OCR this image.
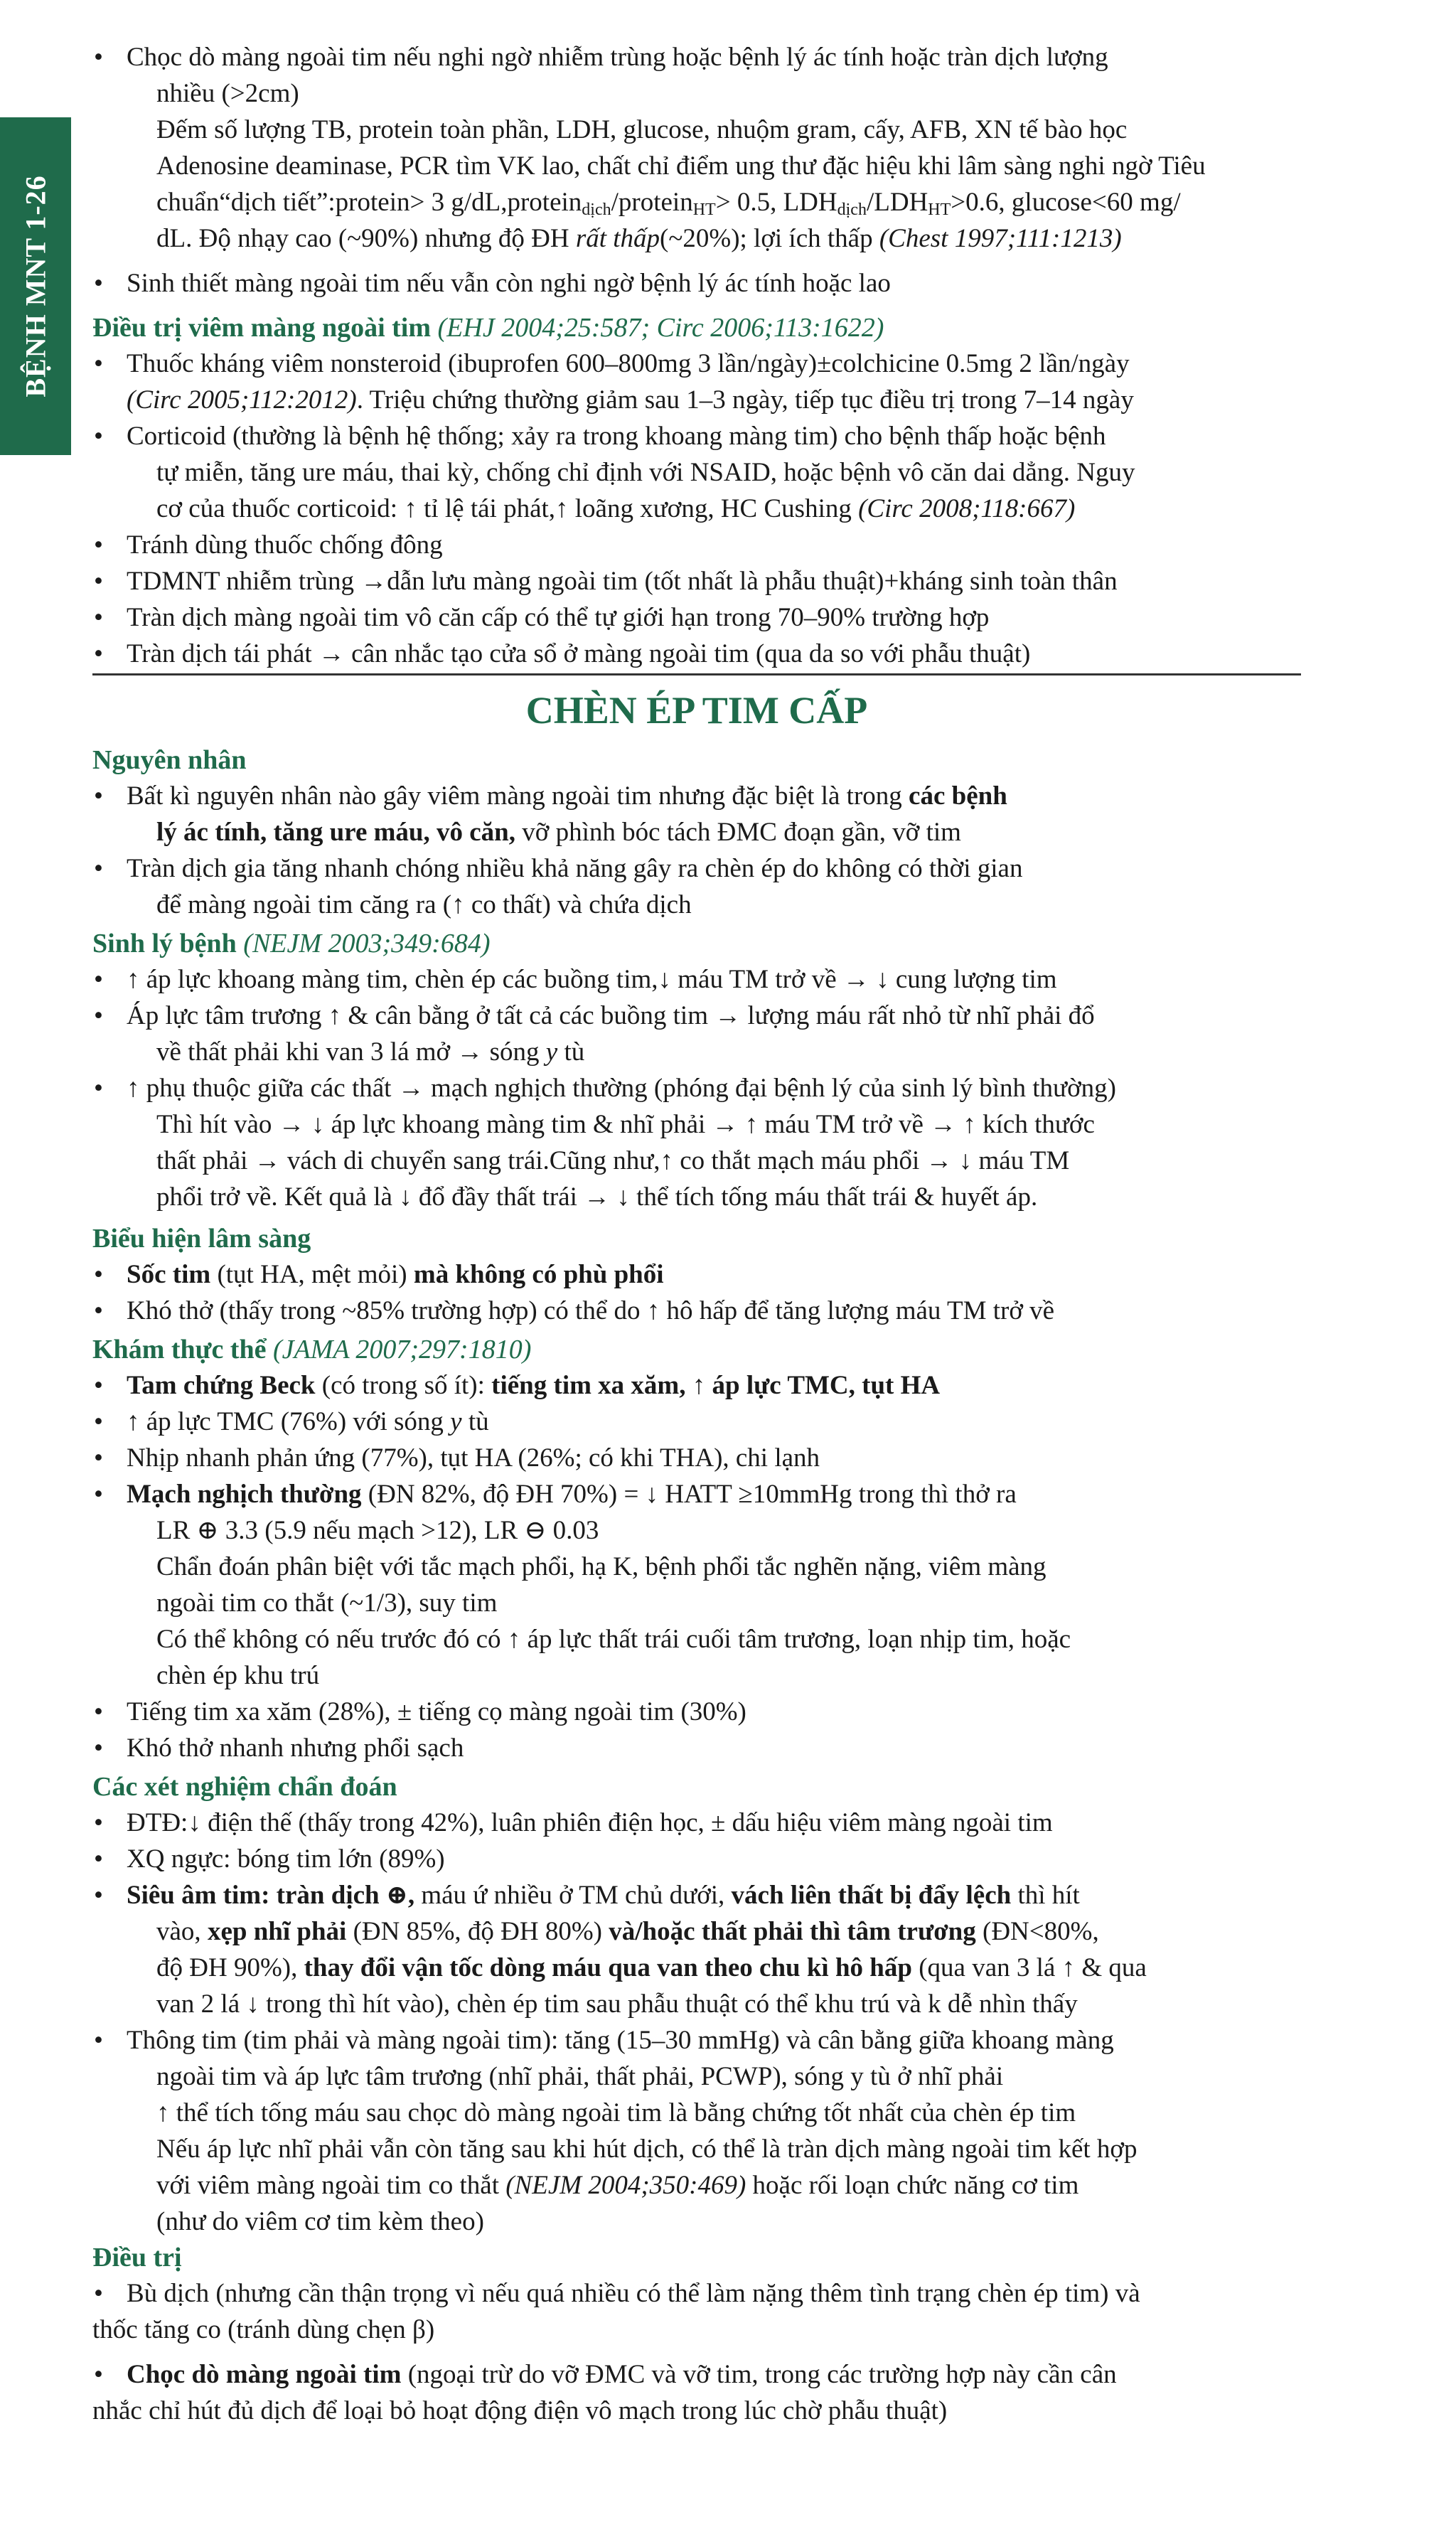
BỆNH MNT 1-26
• Chọc dò màng ngoài tim nếu nghi ngờ nhiễm trùng hoặc bệnh lý ác tính hoặc tràn dịch lượng
nhiều (>2cm)
Đếm số lượng TB, protein toàn phần, LDH, glucose, nhuộm gram, cấy, AFB, XN tế bào học
Adenosine deaminase, PCR tìm VK lao, chất chỉ điểm ung thư đặc hiệu khi lâm sàng nghi ngờ Tiêu
chuẩn“dịch tiết”:protein> 3 g/dL,protein$_{dịch}$/protein$_{HT}$> 0.5, $LDH_{dịch}/LDH_{HT}>0.6$, glucose<60 mg/
dL. Độ nhạy cao (~90%) nhưng độ ĐH rất thấp(~20%); lợi ích thấp (Chest 1997;111:1213)
• Sinh thiết màng ngoài tim nếu vẫn còn nghi ngờ bệnh lý ác tính hoặc lao
Điều trị viêm màng ngoài tim (EHJ 2004;25:587; Circ 2006;113:1622)
• Thuốc kháng viêm nonsteroid (ibuprofen 600–800mg 3 lần/ngày)±colchicine 0.5mg 2 lần/ngày
(Circ 2005;112:2012). Triệu chứng thường giảm sau 1–3 ngày, tiếp tục điều trị trong 7–14 ngày
• Corticoid (thường là bệnh hệ thống; xảy ra trong khoang màng tim) cho bệnh thấp hoặc bệnh
tự miễn, tăng ure máu, thai kỳ, chống chỉ định với NSAID, hoặc bệnh vô căn dai dẳng. Nguy
cơ của thuốc corticoid: ↑ tỉ lệ tái phát,↑ loãng xương, HC Cushing (Circ 2008;118:667)
• Tránh dùng thuốc chống đông
• TDMNT nhiễm trùng →dẫn lưu màng ngoài tim (tốt nhất là phẫu thuật)+kháng sinh toàn thân
• Tràn dịch màng ngoài tim vô căn cấp có thể tự giới hạn trong 70–90% trường hợp
• Tràn dịch tái phát → cân nhắc tạo cửa sổ ở màng ngoài tim (qua da so với phẫu thuật)
CHÈN ÉP TIM CẤP
Nguyên nhân
• Bất kì nguyên nhân nào gây viêm màng ngoài tim nhưng đặc biệt là trong các bệnh
lý ác tính, tăng ure máu, vô căn, vỡ phình bóc tách ĐMC đoạn gần, vỡ tim
• Tràn dịch gia tăng nhanh chóng nhiều khả năng gây ra chèn ép do không có thời gian
để màng ngoài tim căng ra (↑ co thất) và chứa dịch
Sinh lý bệnh (NEJM 2003;349:684)
• ↑ áp lực khoang màng tim, chèn ép các buồng tim,↓ máu TM trở về → ↓ cung lượng tim
• Áp lực tâm trương ↑ & cân bằng ở tất cả các buồng tim → lượng máu rất nhỏ từ nhĩ phải đổ
về thất phải khi van 3 lá mở → sóng y tù
• ↑ phụ thuộc giữa các thất → mạch nghịch thường (phóng đại bệnh lý của sinh lý bình thường)
Thì hít vào → ↓ áp lực khoang màng tim & nhĩ phải → ↑ máu TM trở về → ↑ kích thước
thất phải → vách di chuyển sang trái.Cũng như,↑ co thắt mạch máu phổi → ↓ máu TM
phổi trở về. Kết quả là ↓ đổ đầy thất trái → ↓ thể tích tống máu thất trái & huyết áp.
Biểu hiện lâm sàng
• Sốc tim (tụt HA, mệt mỏi) mà không có phù phổi
• Khó thở (thấy trong ~85% trường hợp) có thể do ↑ hô hấp để tăng lượng máu TM trở về
Khám thực thể (JAMA 2007;297:1810)
• Tam chứng Beck (có trong số ít): tiếng tim xa xăm, ↑ áp lực TMC, tụt HA
• ↑ áp lực TMC (76%) với sóng y tù
• Nhịp nhanh phản ứng (77%), tụt HA (26%; có khi THA), chi lạnh
• Mạch nghịch thường (ĐN 82%, độ ĐH 70%) = ↓ HATT ≥10mmHg trong thì thở ra
LR ⊕ 3.3 (5.9 nếu mạch >12), LR ⊖ 0.03
Chẩn đoán phân biệt với tắc mạch phổi, hạ K, bệnh phổi tắc nghẽn nặng, viêm màng
ngoài tim co thắt (~1/3), suy tim
Có thể không có nếu trước đó có ↑ áp lực thất trái cuối tâm trương, loạn nhịp tim, hoặc
chèn ép khu trú
• Tiếng tim xa xăm (28%), ± tiếng cọ màng ngoài tim (30%)
• Khó thở nhanh nhưng phổi sạch
Các xét nghiệm chẩn đoán
• ĐTĐ:↓ điện thế (thấy trong 42%), luân phiên điện học, ± dấu hiệu viêm màng ngoài tim
• XQ ngực: bóng tim lớn (89%)
• Siêu âm tim: tràn dịch ⊕, máu ứ nhiều ở TM chủ dưới, vách liên thất bị đẩy lệch thì hít
vào, xẹp nhĩ phải (ĐN 85%, độ ĐH 80%) và/hoặc thất phải thì tâm trương (ĐN<80%,
độ ĐH 90%), thay đổi vận tốc dòng máu qua van theo chu kì hô hấp (qua van 3 lá ↑ & qua
van 2 lá ↓ trong thì hít vào), chèn ép tim sau phẫu thuật có thể khu trú và k dễ nhìn thấy
• Thông tim (tim phải và màng ngoài tim): tăng (15–30 mmHg) và cân bằng giữa khoang màng
ngoài tim và áp lực tâm trương (nhĩ phải, thất phải, PCWP), sóng y tù ở nhĩ phải
↑ thể tích tống máu sau chọc dò màng ngoài tim là bằng chứng tốt nhất của chèn ép tim
Nếu áp lực nhĩ phải vẫn còn tăng sau khi hút dịch, có thể là tràn dịch màng ngoài tim kết hợp
với viêm màng ngoài tim co thắt (NEJM 2004;350:469) hoặc rối loạn chức năng cơ tim
(như do viêm cơ tim kèm theo)
Điều trị
• Bù dịch (nhưng cần thận trọng vì nếu quá nhiều có thể làm nặng thêm tình trạng chèn ép tim) và
thốc tăng co (tránh dùng chẹn β)
• Chọc dò màng ngoài tim (ngoại trừ do vỡ ĐMC và vỡ tim, trong các trường hợp này cần cân
nhắc chỉ hút đủ dịch để loại bỏ hoạt động điện vô mạch trong lúc chờ phẫu thuật)
